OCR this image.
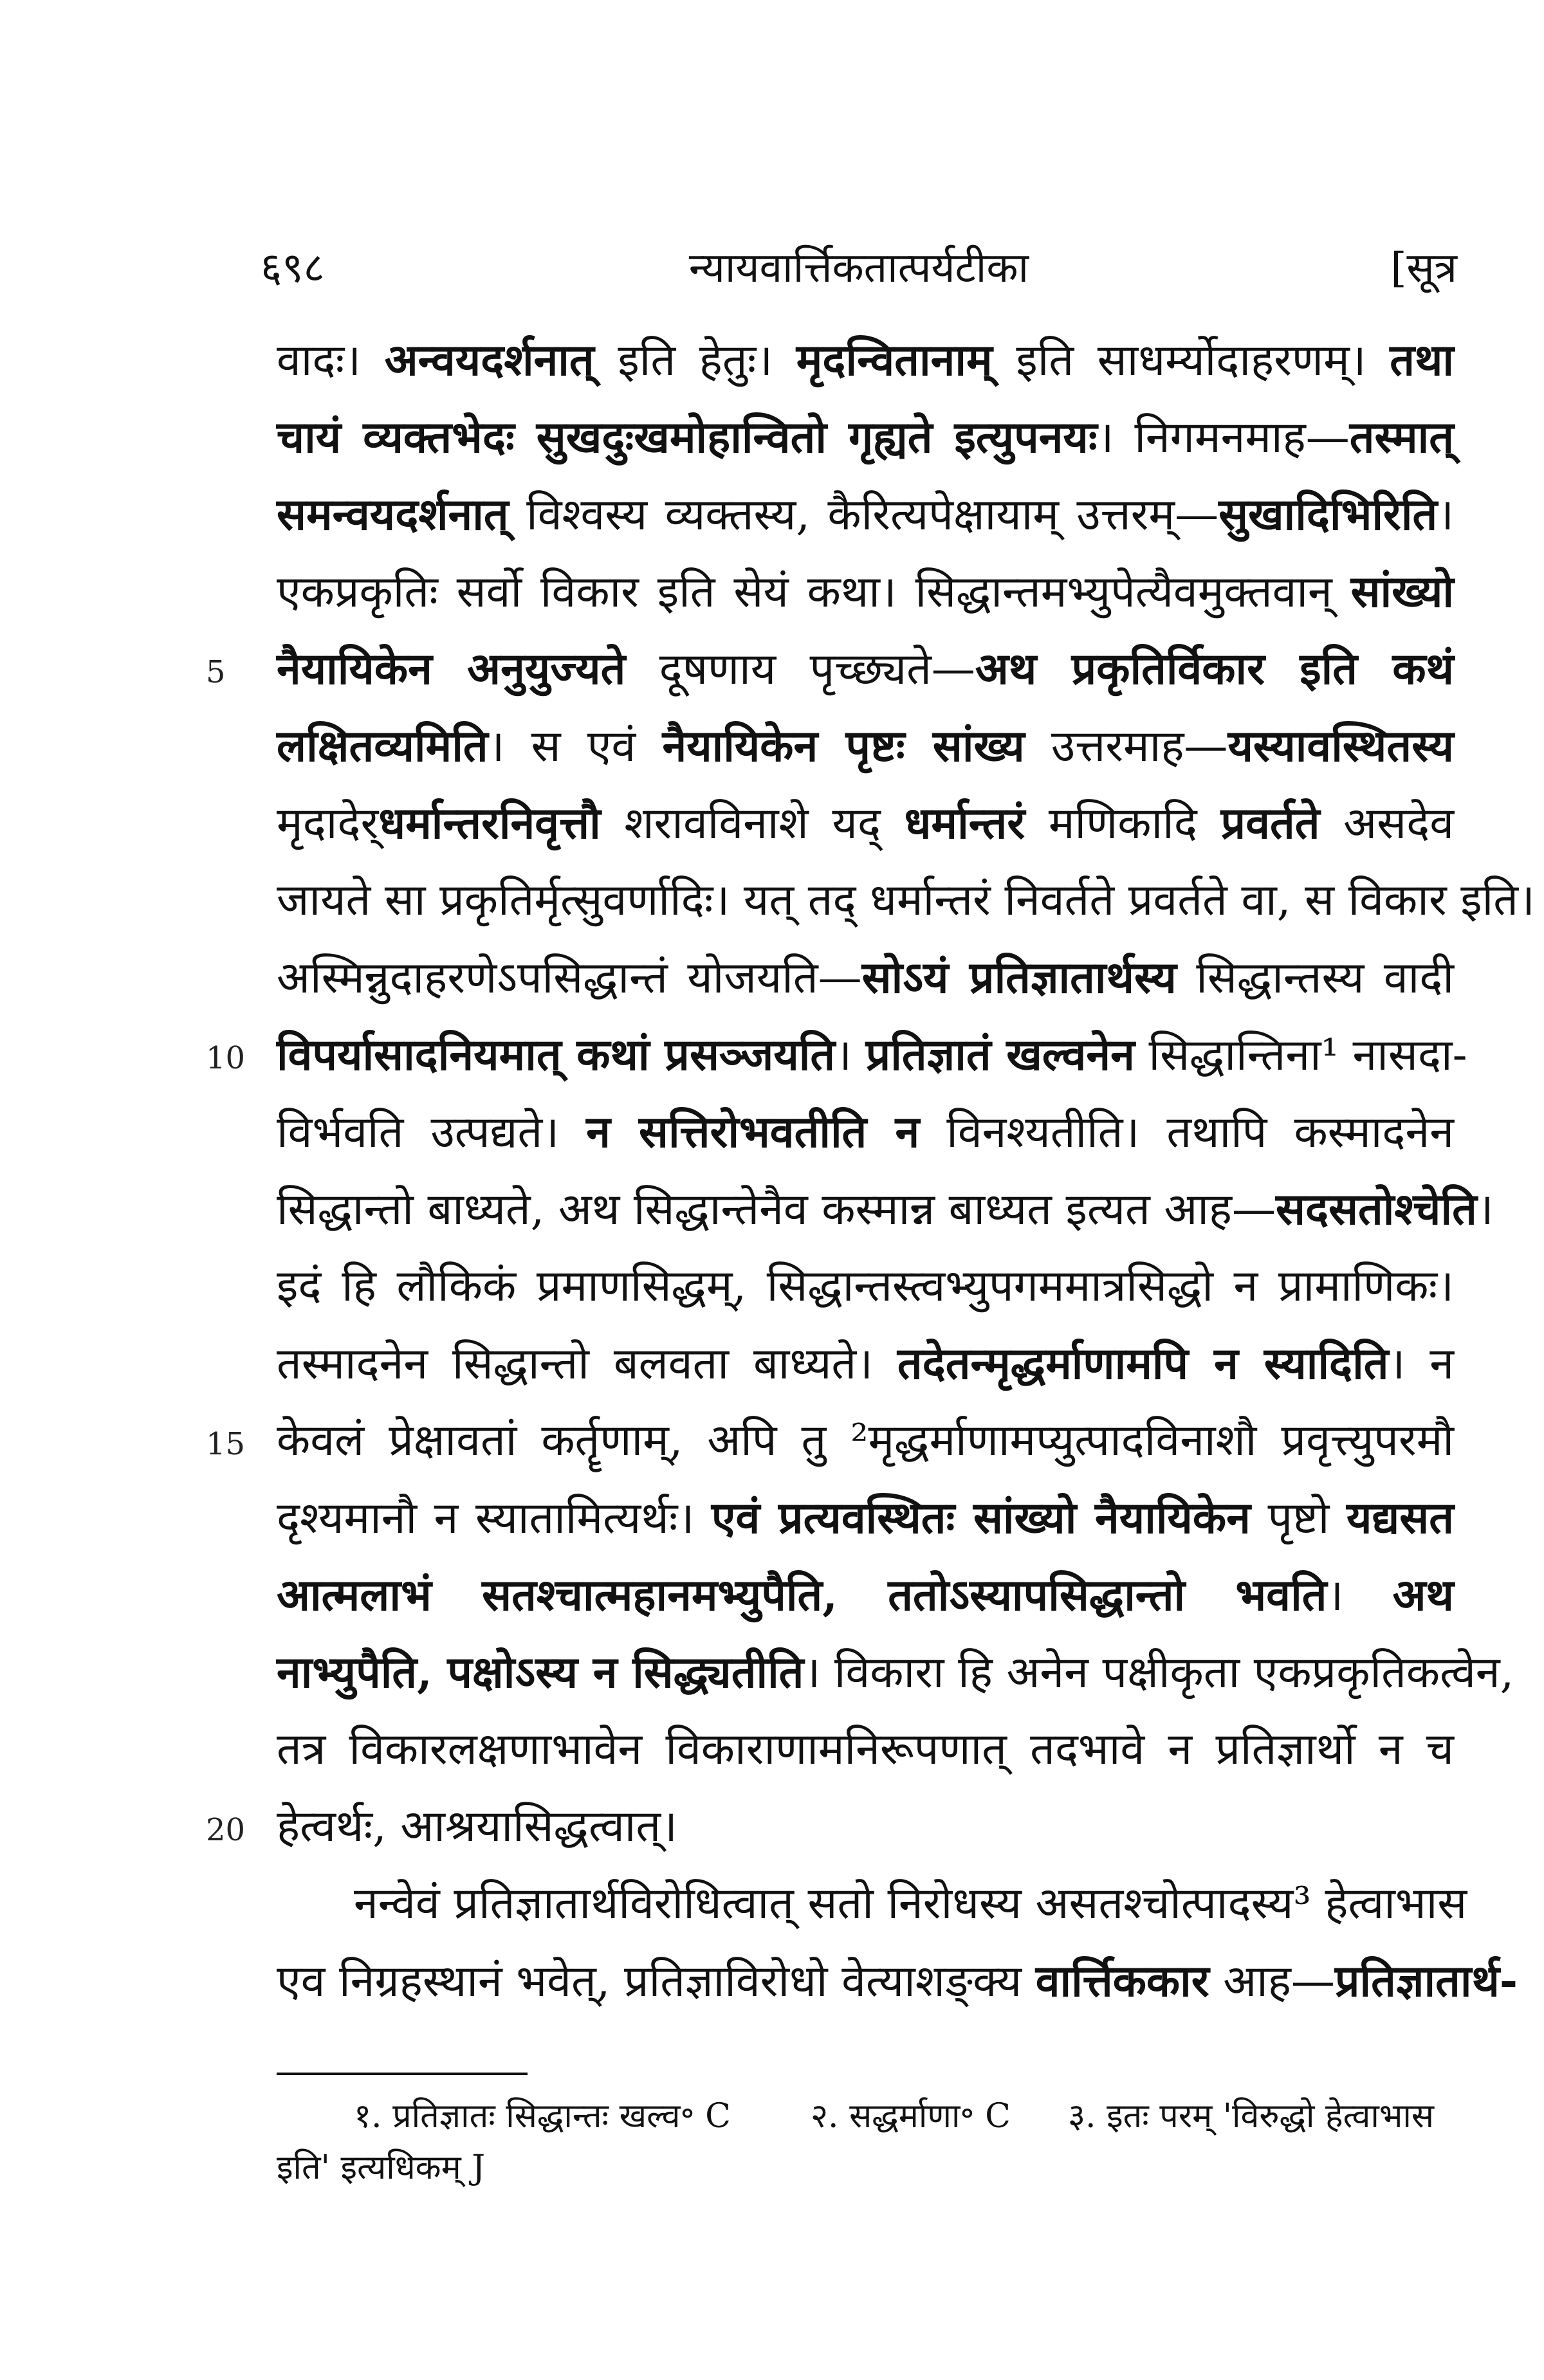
६९८	न्यायवार्त्तिकतात्पर्यटीका	[सूत्र
वादः। अन्वयदर्शनात् इति हेतुः। मृदन्वितानाम् इति साधर्म्योदाहरणम्। तथा
चायं व्यक्तभेदः सुखदुःखमोहान्वितो गृह्यते इत्युपनयः। निगमनमाह—तस्मात्
समन्वयदर्शनात् विश्वस्य व्यक्तस्य, कैरित्यपेक्षायाम् उत्तरम्—सुखादिभिरिति।
एकप्रकृतिः सर्वो विकार इति सेयं कथा। सिद्धान्तमभ्युपेत्यैवमुक्तवान् सांख्यो
5	नैयायिकेन अनुयुज्यते दूषणाय पृच्छ्यते—अथ प्रकृतिर्विकार इति कथं
लक्षितव्यमिति। स एवं नैयायिकेन पृष्टः सांख्य उत्तरमाह—यस्यावस्थितस्य
मृदादेर्धर्मान्तरनिवृत्तौ शरावविनाशे यद् धर्मान्तरं मणिकादि प्रवर्तते असदेव
जायते सा प्रकृतिर्मृत्सुवर्णादिः। यत् तद् धर्मान्तरं निवर्तते प्रवर्तते वा, स विकार इति।
अस्मिन्नुदाहरणेऽपसिद्धान्तं योजयति—सोऽयं प्रतिज्ञातार्थस्य सिद्धान्तस्य वादी
10 विपर्यासादनियमात् कथां प्रसञ्जयति। प्रतिज्ञातं खल्वनेन सिद्धान्तिना¹ नासदा-
विर्भवति उत्पद्यते। न सत्तिरोभवतीति न विनश्यतीति। तथापि कस्मादनेन
सिद्धान्तो बाध्यते, अथ सिद्धान्तेनैव कस्मान्न बाध्यत इत्यत आह—सदसतोश्चेति।
इदं हि लौकिकं प्रमाणसिद्धम्, सिद्धान्तस्त्वभ्युपगममात्रसिद्धो न प्रामाणिकः।
तस्मादनेन सिद्धान्तो बलवता बाध्यते। तदेतन्मृद्धर्माणामपि न स्यादिति। न
15 केवलं प्रेक्षावतां कर्तॄणाम्, अपि तु ²मृद्धर्माणामप्युत्पादविनाशौ प्रवृत्त्युपरमौ
दृश्यमानौ न स्यातामित्यर्थः। एवं प्रत्यवस्थितः सांख्यो नैयायिकेन पृष्टो यद्यसत
आत्मलाभं सतश्चात्महानमभ्युपैति, ततोऽस्यापसिद्धान्तो भवति। अथ
नाभ्युपैति, पक्षोऽस्य न सिद्ध्यतीति। विकारा हि अनेन पक्षीकृता एकप्रकृतिकत्वेन,
तत्र विकारलक्षणाभावेन विकाराणामनिरूपणात् तदभावे न प्रतिज्ञार्थो न च
20 हेत्वर्थः, आश्रयासिद्धत्वात्।
नन्वेवं प्रतिज्ञातार्थविरोधित्वात् सतो निरोधस्य असतश्चोत्पादस्य³ हेत्वाभास
एव निग्रहस्थानं भवेत्, प्रतिज्ञाविरोधो वेत्याशङ्क्य वार्त्तिककार आह—प्रतिज्ञातार्थ-
१. प्रतिज्ञातः सिद्धान्तः खल्व॰ C २. सद्धर्माणा॰ C ३. इतः परम् 'विरुद्धो हेत्वाभास
इति' इत्यधिकम् J
